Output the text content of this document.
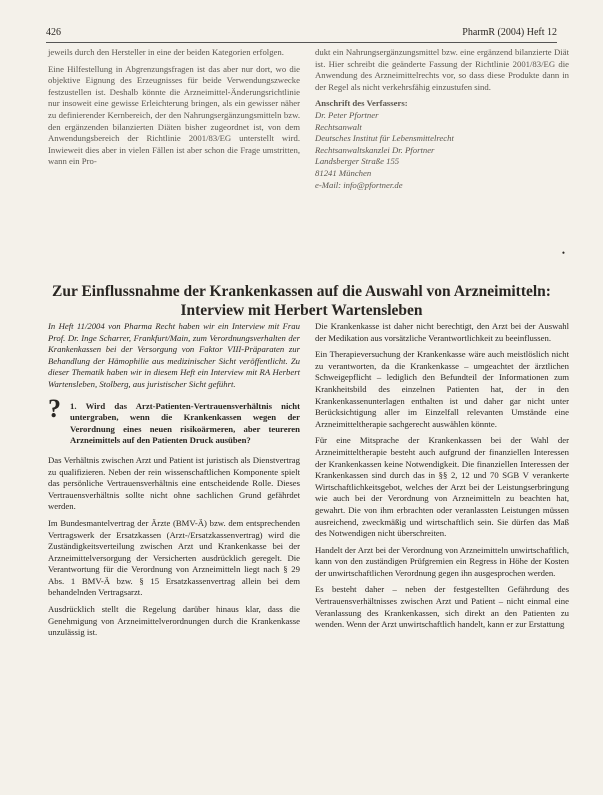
426	PharmR (2004) Heft 12

jeweils durch den Hersteller in eine der beiden Kategorien erfolgen.

Eine Hilfestellung in Abgrenzungsfragen ist das aber nur dort, wo die objektive Eignung des Erzeugnisses für beide Verwendungszwecke festzustellen ist. Deshalb könnte die Arzneimittel-Änderungsrichtlinie nur insoweit eine gewisse Erleichterung bringen, als ein gewisser näher zu definierender Kernbereich, der den Nahrungsergänzungsmitteln bzw. den ergänzenden bilanzierten Diäten bisher zugeordnet ist, von dem Anwendungsbereich der Richtlinie 2001/83/EG unterstellt wird. Inwieweit dies aber in vielen Fällen ist aber schon die Frage umstritten, wann ein Pro-

dukt ein Nahrungsergänzungsmittel bzw. eine ergänzend bilanzierte Diät ist. Hier schreibt die geänderte Fassung der Richtlinie 2001/83/EG die Anwendung des Arzneimittelrechts vor, so dass diese Produkte dann in der Regel als nicht verkehrsfähig einzustufen sind.

Anschrift des Verfassers:
Dr. Peter Pfortner
Rechtsanwalt
Deutsches Institut für Lebensmittelrecht
Rechtsanwaltskanzlei Dr. Pfortner
Landsberger Straße 155
81241 München
e-Mail: info@pfortner.de
•
Zur Einflussnahme der Krankenkassen auf die Auswahl von Arzneimitteln: Interview mit Herbert Wartensleben

In Heft 11/2004 von Pharma Recht haben wir ein Interview mit Frau Prof. Dr. Inge Scharrer, Frankfurt/Main, zum Verordnungsverhalten der Krankenkassen bei der Versorgung von Faktor VIII-Präparaten zur Behandlung der Hämophilie aus medizinischer Sicht veröffentlicht. Zu dieser Thematik haben wir in diesem Heft ein Interview mit RA Herbert Wartensleben, Stolberg, aus juristischer Sicht geführt.

? 1. Wird das Arzt-Patienten-Vertrauensverhältnis nicht untergraben, wenn die Krankenkassen wegen der Verordnung eines neuen risikoärmeren, aber teureren Arzneimittels auf den Patienten Druck ausüben?

Das Verhältnis zwischen Arzt und Patient ist juristisch als Dienstvertrag zu qualifizieren. Neben der rein wissenschaftlichen Komponente spielt das persönliche Vertrauensverhältnis eine entscheidende Rolle. Dieses Vertrauensverhältnis sollte nicht ohne sachlichen Grund gefährdet werden.

Im Bundesmantelvertrag der Ärzte (BMV-Ä) bzw. dem entsprechenden Vertragswerk der Ersatzkassen (Arzt-/Ersatzkassenvertrag) wird die Zuständigkeitsverteilung zwischen Arzt und Krankenkasse bei der Arzneimittelversorgung der Versicherten ausdrücklich geregelt. Die Verantwortung für die Verordnung von Arzneimitteln liegt nach § 29 Abs. 1 BMV-Ä bzw. § 15 Ersatzkassenvertrag allein bei dem behandelnden Vertragsarzt.

Ausdrücklich stellt die Regelung darüber hinaus klar, dass die Genehmigung von Arzneimittelverordnungen durch die Krankenkasse unzulässig ist.

Die Krankenkasse ist daher nicht berechtigt, den Arzt bei der Auswahl der Medikation aus vorsätzliche Verantwortlichkeit zu beeinflussen.

Ein Therapieversuchung der Krankenkasse wäre auch meistlöslich nicht zu verantworten, da die Krankenkasse – umgeachtet der ärztlichen Schweigepflicht – lediglich den Befundteil der Informationen zum Krankheitsbild des einzelnen Patienten hat, der in den Krankenkassenunterlagen enthalten ist und daher gar nicht unter Berücksichtigung aller im Einzelfall relevanten Umstände eine Arzneimitteltherapie sachgerecht auswählen könnte.

Für eine Mitsprache der Krankenkassen bei der Wahl der Arzneimitteltherapie besteht auch aufgrund der finanziellen Interessen der Krankenkassen keine Notwendigkeit. Die finanziellen Interessen der Krankenkassen sind durch das in §§ 2, 12 und 70 SGB V verankerte Wirtschaftlichkeitsgebot, welches der Arzt bei der Leistungserbringung wie auch bei der Verordnung von Arzneimitteln zu beachten hat, gewahrt. Die von ihm erbrachten oder veranlassten Leistungen müssen ausreichend, zweckmäßig und wirtschaftlich sein. Sie dürfen das Maß des Notwendigen nicht überschreiten.

Handelt der Arzt bei der Verordnung von Arzneimitteln unwirtschaftlich, kann von den zuständigen Prüfgremien ein Regress in Höhe der Kosten der unwirtschaftlichen Verordnung gegen ihn ausgesprochen werden.

Es besteht daher – neben der festgestellten Gefährdung des Vertrauensverhältnisses zwischen Arzt und Patient – nicht einmal eine Veranlassung des Krankenkassen, sich direkt an den Patienten zu wenden. Wenn der Arzt unwirtschaftlich handelt, kann er zur Erstattung
